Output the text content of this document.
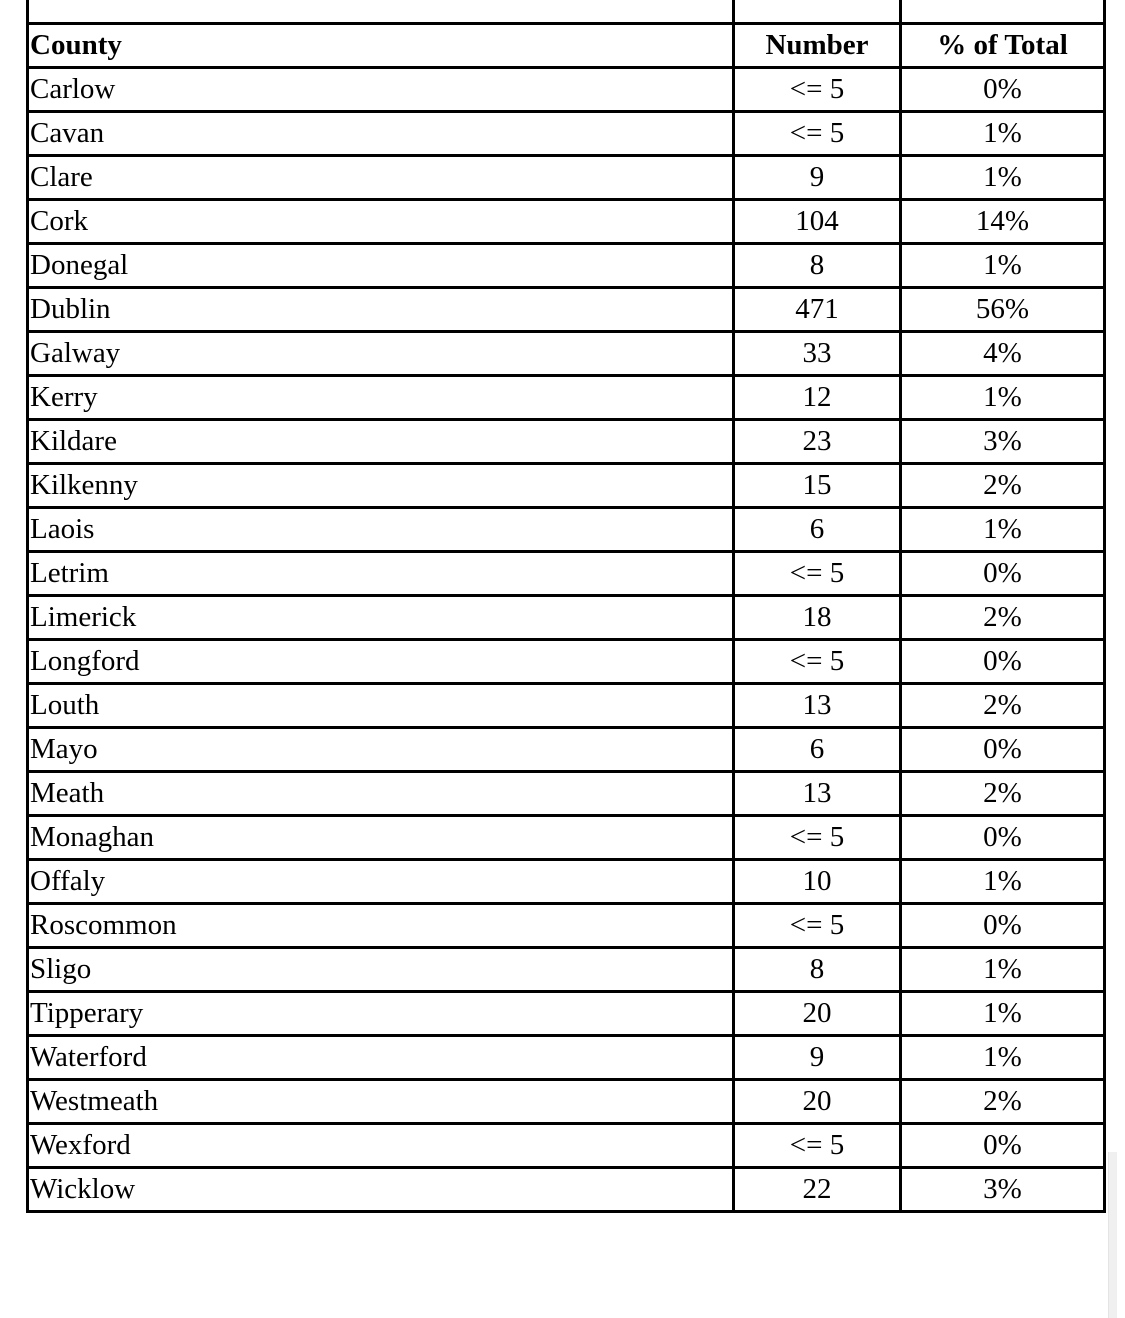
County	Number	% of Total
Carlow	<= 5	0%
Cavan	<= 5	1%
Clare	9	1%
Cork	104	14%
Donegal	8	1%
Dublin	471	56%
Galway	33	4%
Kerry	12	1%
Kildare	23	3%
Kilkenny	15	2%
Laois	6	1%
Letrim	<= 5	0%
Limerick	18	2%
Longford	<= 5	0%
Louth	13	2%
Mayo	6	0%
Meath	13	2%
Monaghan	<= 5	0%
Offaly	10	1%
Roscommon	<= 5	0%
Sligo	8	1%
Tipperary	20	1%
Waterford	9	1%
Westmeath	20	2%
Wexford	<= 5	0%
Wicklow	22	3%
